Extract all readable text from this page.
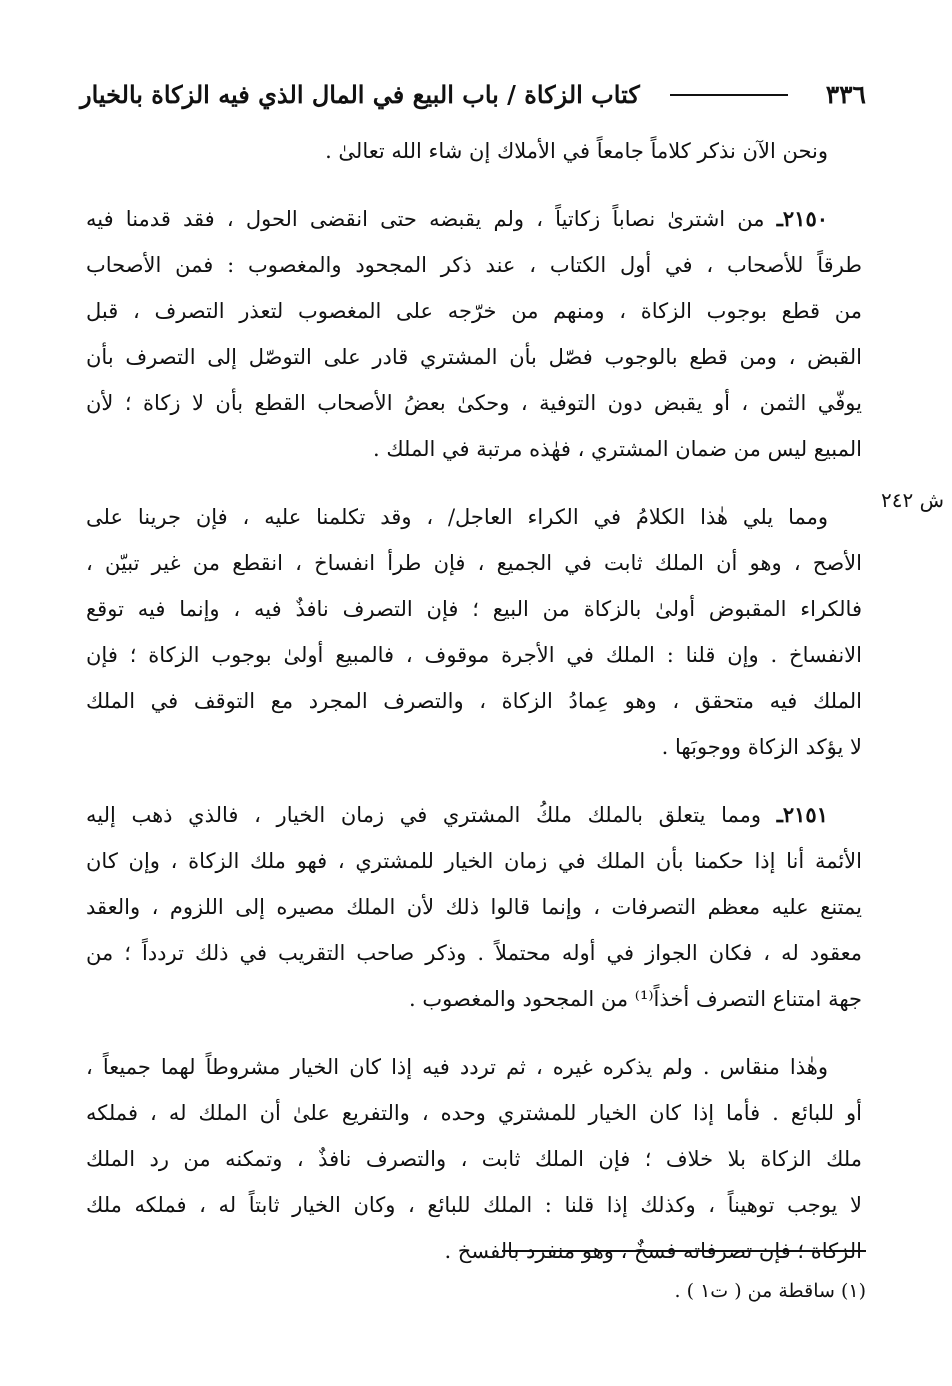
٣٣٦
كتاب الزكاة / باب البيع في المال الذي فيه الزكاة بالخيار
ش ٢٤٢
ونحن الآن نذكر كلاماً جامعاً في الأملاك إن شاء الله تعالىٰ .
٢١٥٠ـ من اشترىٰ نصاباً زكاتياً ، ولم يقبضه حتى انقضى الحول ، فقد قدمنا فيه
طرقاً للأصحاب ، في أول الكتاب ، عند ذكر المجحود والمغصوب : فمن الأصحاب
من قطع بوجوب الزكاة ، ومنهم من خرّجه على المغصوب لتعذر التصرف ، قبل
القبض ، ومن قطع بالوجوب فصّل بأن المشتري قادر على التوصّل إلى التصرف بأن
يوفّي الثمن ، أو يقبض دون التوفية ، وحكىٰ بعضُ الأصحاب القطع بأن لا زكاة ؛ لأن
المبيع ليس من ضمان المشتري ، فهٰذه مرتبة في الملك .
ومما يلي هٰذا الكلامُ في الكراء العاجل/ ، وقد تكلمنا عليه ، فإن جرينا على
الأصح ، وهو أن الملك ثابت في الجميع ، فإن طرأ انفساخ ، انقطع من غير تبيّن ،
فالكراء المقبوض أولىٰ بالزكاة من البيع ؛ فإن التصرف نافذٌ فيه ، وإنما فيه توقع
الانفساخ . وإن قلنا : الملك في الأجرة موقوف ، فالمبيع أولىٰ بوجوب الزكاة ؛ فإن
الملك فيه متحقق ، وهو عِمادُ الزكاة ، والتصرف المجرد مع التوقف في الملك
لا يؤكد الزكاة ووجوبَها .
٢١٥١ـ ومما يتعلق بالملك ملكُ المشتري في زمان الخيار ، فالذي ذهب إليه
الأئمة أنا إذا حكمنا بأن الملك في زمان الخيار للمشتري ، فهو ملك الزكاة ، وإن كان
يمتنع عليه معظم التصرفات ، وإنما قالوا ذلك لأن الملك مصيره إلى اللزوم ، والعقد
معقود له ، فكان الجواز في أوله محتملاً . وذكر صاحب التقريب في ذلك تردداً ؛ من
جهة امتناع التصرف أخذاً⁽¹⁾ من المجحود والمغصوب .
وهٰذا منقاس . ولم يذكره غيره ، ثم تردد فيه إذا كان الخيار مشروطاً لهما جميعاً ،
أو للبائع . فأما إذا كان الخيار للمشتري وحده ، والتفريع علىٰ أن الملك له ، فملكه
ملك الزكاة بلا خلاف ؛ فإن الملك ثابت ، والتصرف نافذٌ ، وتمكنه من رد الملك
لا يوجب توهيناً ، وكذلك إذا قلنا : الملك للبائع ، وكان الخيار ثابتاً له ، فملكه ملك
الزكاة ؛ فإن تصرفاته فسخٌ ، وهو منفرد بالفسخ .
(١) ساقطة من ( ت١ ) .
